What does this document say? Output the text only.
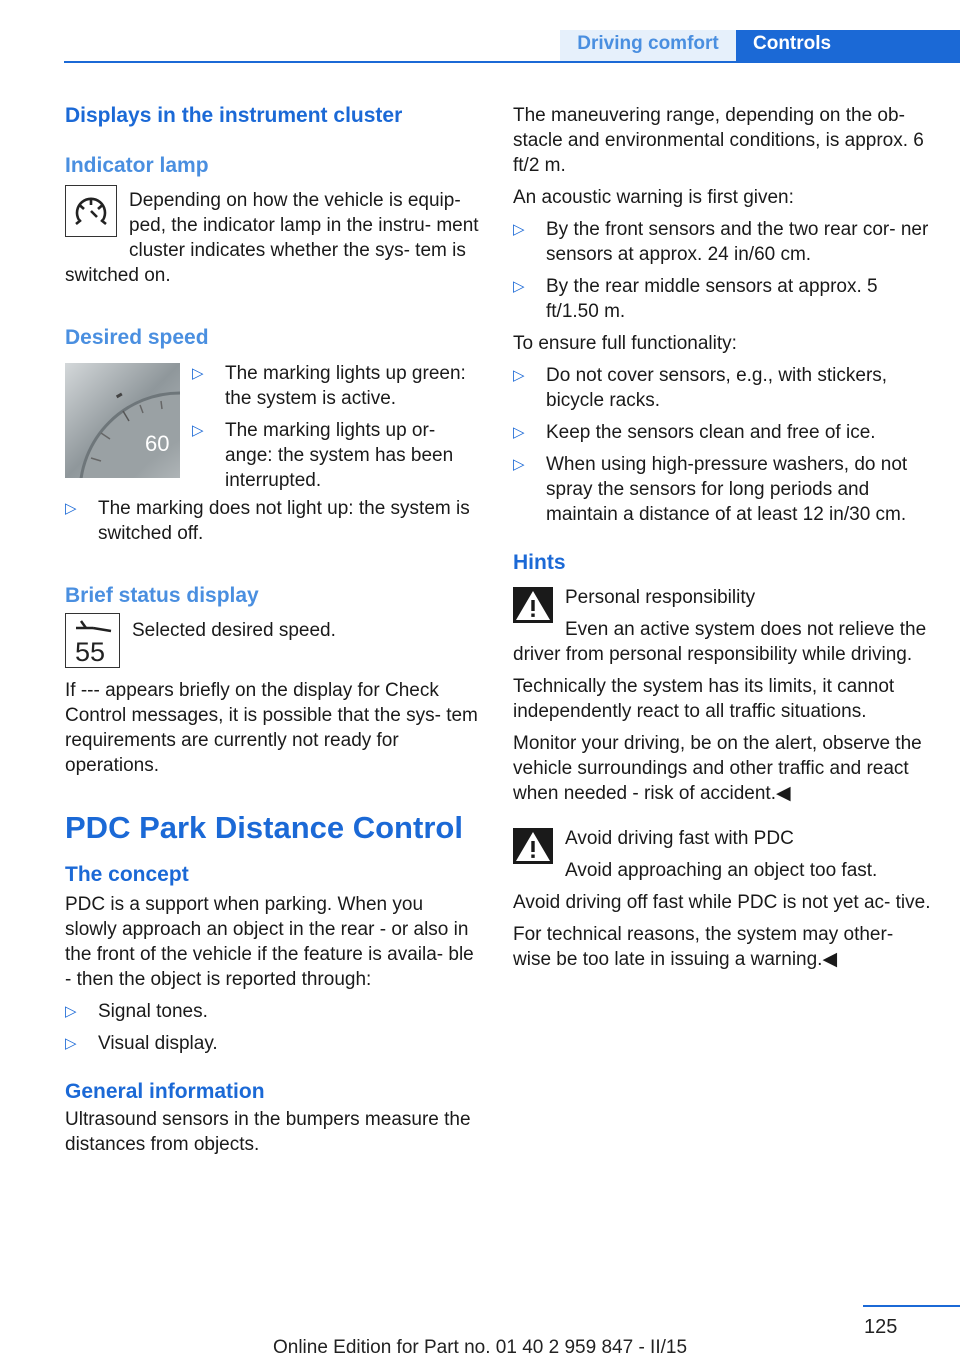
Driving comfort	Controls
Displays in the instrument cluster
Indicator lamp

Depending on how the vehicle is equip‐ ped, the indicator lamp in the instru‐ ment cluster indicates whether the sys‐ tem is switched on.

Desired speed
60
▷ The marking lights up green: the system is active.
▷ The marking lights up or‐ ange: the system has been interrupted.
▷ The marking does not light up: the system is switched off.
Brief status display
55

Selected desired speed.

If --- appears briefly on the display for Check Control messages, it is possible that the sys‐ tem requirements are currently not ready for operations.

PDC Park Distance Control
The concept

PDC is a support when parking. When you slowly approach an object in the rear - or also in the front of the vehicle if the feature is availa‐ ble - then the object is reported through:

▷ Signal tones.
▷ Visual display.
General information

Ultrasound sensors in the bumpers measure the distances from objects.

The maneuvering range, depending on the ob‐ stacle and environmental conditions, is approx. 6 ft/2 m.

An acoustic warning is first given:

▷ By the front sensors and the two rear cor‐ ner sensors at approx. 24 in/60 cm.
▷ By the rear middle sensors at approx. 5 ft/1.50 m.

To ensure full functionality:

▷ Do not cover sensors, e.g., with stickers, bicycle racks.
▷ Keep the sensors clean and free of ice.
▷ When using high-pressure washers, do not spray the sensors for long periods and maintain a distance of at least 12 in/30 cm.
Hints

Personal responsibility

Even an active system does not relieve the driver from personal responsibility while driving.

Technically the system has its limits, it cannot independently react to all traffic situations.

Monitor your driving, be on the alert, observe the vehicle surroundings and other traffic and react when needed - risk of accident.◀

Avoid driving fast with PDC

Avoid approaching an object too fast.

Avoid driving off fast while PDC is not yet ac‐ tive.

For technical reasons, the system may other‐ wise be too late in issuing a warning.◀

125
Online Edition for Part no. 01 40 2 959 847 - II/15
